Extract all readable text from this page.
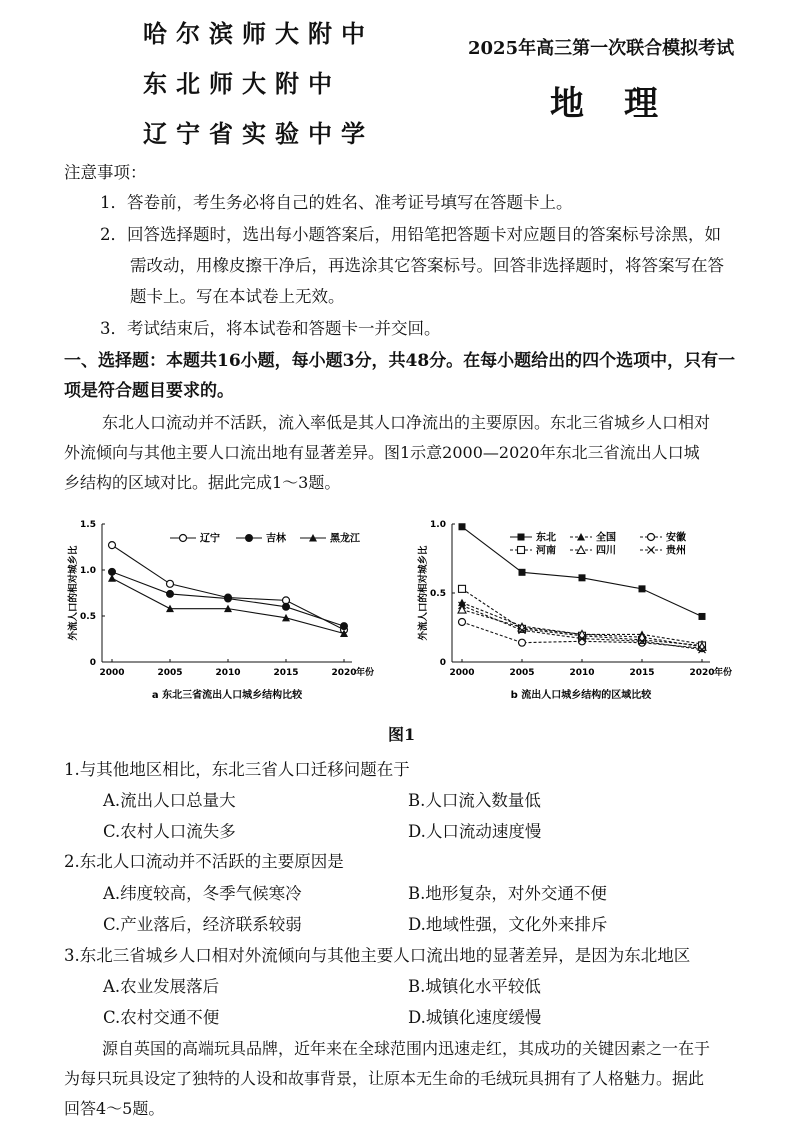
哈尔滨师大附中
东北师大附中
辽宁省实验中学
2025年高三第一次联合模拟考试
地理
注意事项：
1．答卷前，考生务必将自己的姓名、准考证号填写在答题卡上。
2．回答选择题时，选出每小题答案后，用铅笔把答题卡对应题目的答案标号涂黑，如
需改动，用橡皮擦干净后，再选涂其它答案标号。回答非选择题时，将答案写在答
题卡上。写在本试卷上无效。
3．考试结束后，将本试卷和答题卡一并交回。
一、选择题：本题共16小题，每小题3分，共48分。在每小题给出的四个选项中，只有一
项是符合题目要求的。
东北人口流动并不活跃，流入率低是其人口净流出的主要原因。东北三省城乡人口相对
外流倾向与其他主要人口流出地有显著差异。图1示意2000—2020年东北三省流出人口城
乡结构的区域对比。据此完成1～3题。
0
0.5
1.0
1.5
2000	2005	2010	2015	2020 年份
外流人口的相对城乡比
a 东北三省流出人口城乡结构比较
辽宁	吉林	黑龙江
0
0.5
1.0
2000	2005	2010	2015	2020 年份
外流人口的相对城乡比
b 流出人口城乡结构的区域比较
东北	全国	安徽
河南	四川	贵州
图1
1.与其他地区相比，东北三省人口迁移问题在于
A.流出人口总量大	B.人口流入数量低
C.农村人口流失多	D.人口流动速度慢
2.东北人口流动并不活跃的主要原因是
A.纬度较高，冬季气候寒冷	B.地形复杂，对外交通不便
C.产业落后，经济联系较弱	D.地域性强，文化外来排斥
3.东北三省城乡人口相对外流倾向与其他主要人口流出地的显著差异，是因为东北地区
A.农业发展落后	B.城镇化水平较低
C.农村交通不便	D.城镇化速度缓慢
源自英国的高端玩具品牌，近年来在全球范围内迅速走红，其成功的关键因素之一在于
为每只玩具设定了独特的人设和故事背景，让原本无生命的毛绒玩具拥有了人格魅力。据此
回答4～5题。
